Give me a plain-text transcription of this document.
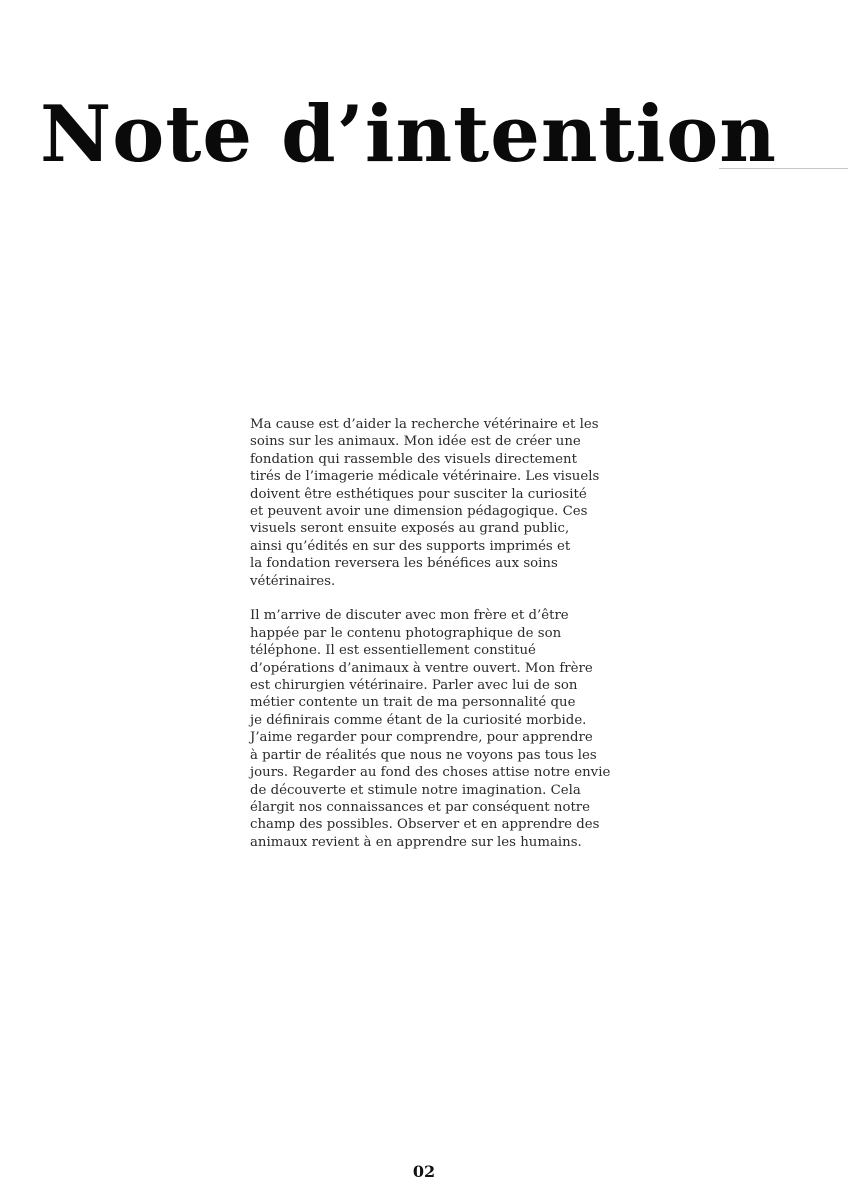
Note d’intention

Ma cause est d’aider la recherche vétérinaire et les
soins sur les animaux. Mon idée est de créer une
fondation qui rassemble des visuels directement
tirés de l’imagerie médicale vétérinaire. Les visuels
doivent être esthétiques pour susciter la curiosité
et peuvent avoir une dimension pédagogique. Ces
visuels seront ensuite exposés au grand public,
ainsi qu’édités en sur des supports imprimés et
la fondation reversera les bénéfices aux soins
vétérinaires.

Il m’arrive de discuter avec mon frère et d’être
happée par le contenu photographique de son
téléphone. Il est essentiellement constitué
d’opérations d’animaux à ventre ouvert. Mon frère
est chirurgien vétérinaire. Parler avec lui de son
métier contente un trait de ma personnalité que
je définirais comme étant de la curiosité morbide.
J’aime regarder pour comprendre, pour apprendre
à partir de réalités que nous ne voyons pas tous les
jours. Regarder au fond des choses attise notre envie
de découverte et stimule notre imagination. Cela
élargit nos connaissances et par conséquent notre
champ des possibles. Observer et en apprendre des
animaux revient à en apprendre sur les humains.

02
